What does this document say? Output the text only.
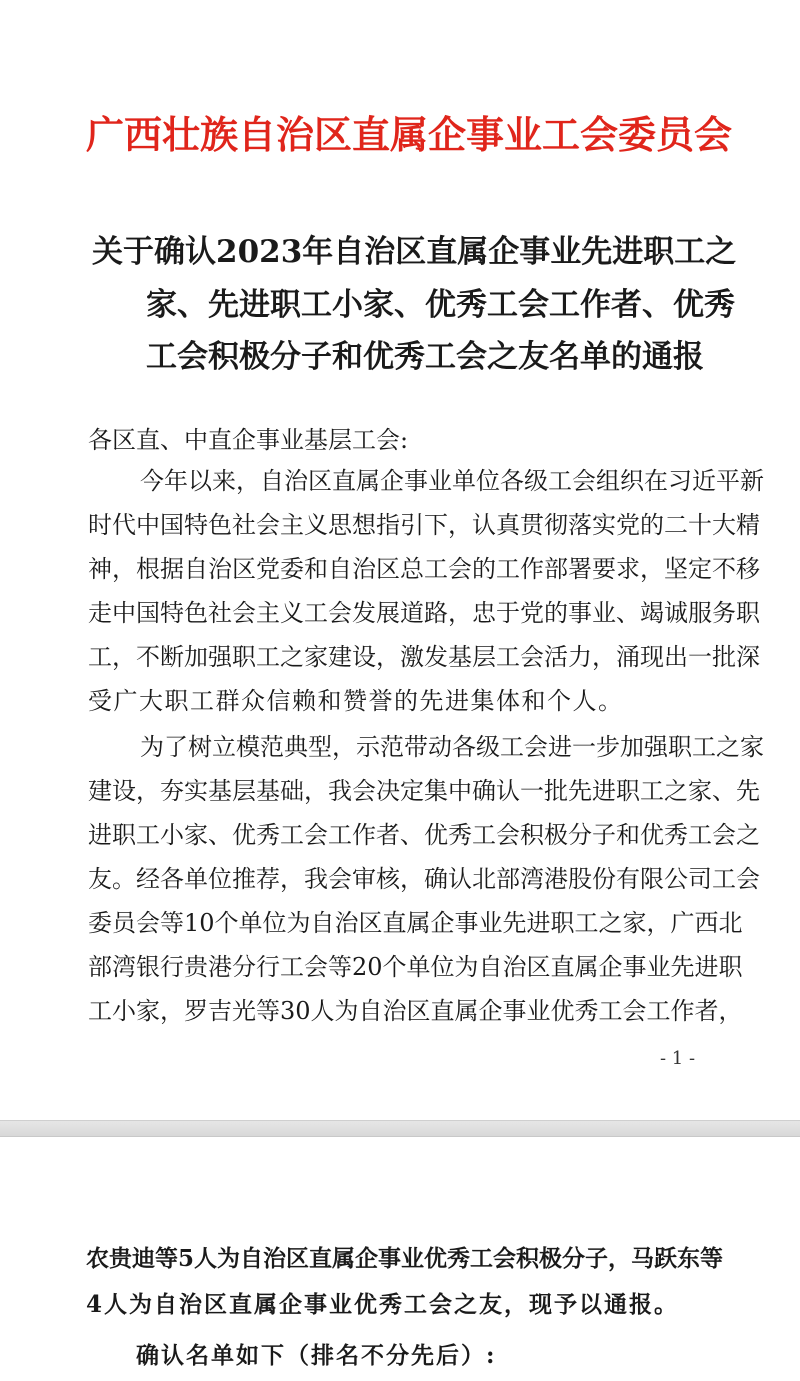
广西壮族自治区直属企事业工会委员会
关于确认2023年自治区直属企事业先进职工之
家、先进职工小家、优秀工会工作者、优秀
工会积极分子和优秀工会之友名单的通报
各区直、中直企事业基层工会:
今年以来，自治区直属企事业单位各级工会组织在习近平新
时代中国特色社会主义思想指引下，认真贯彻落实党的二十大精
神，根据自治区党委和自治区总工会的工作部署要求，坚定不移
走中国特色社会主义工会发展道路，忠于党的事业、竭诚服务职
工，不断加强职工之家建设，激发基层工会活力，涌现出一批深
受广大职工群众信赖和赞誉的先进集体和个人。
为了树立模范典型，示范带动各级工会进一步加强职工之家
建设，夯实基层基础，我会决定集中确认一批先进职工之家、先
进职工小家、优秀工会工作者、优秀工会积极分子和优秀工会之
友。经各单位推荐，我会审核，确认北部湾港股份有限公司工会
委员会等10个单位为自治区直属企事业先进职工之家，广西北
部湾银行贵港分行工会等20个单位为自治区直属企事业先进职
工小家，罗吉光等30人为自治区直属企事业优秀工会工作者，
- 1 -
农贵迪等5人为自治区直属企事业优秀工会积极分子，马跃东等
4人为自治区直属企事业优秀工会之友，现予以通报。
确认名单如下（排名不分先后）:
